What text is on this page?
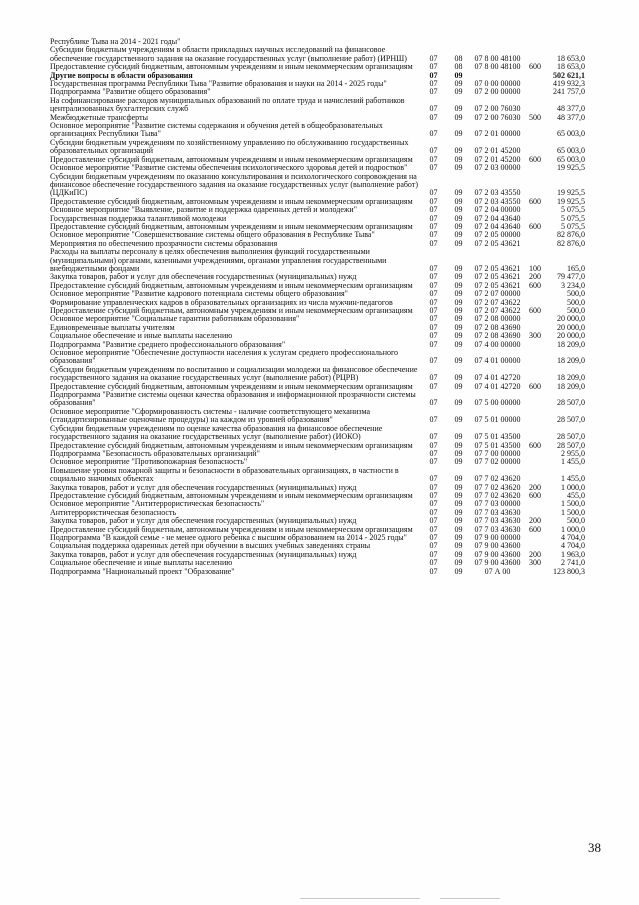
Республике Тыва на 2014 - 2021 годы"					
Субсидии бюджетным учреждениям в области прикладных научных исследований на финансовое обеспечение государственного задания на оказание государственных услуг (выполнение работ) (ИРНШ)	07	08	07 8 00 48100		18 653,0
Предоставление субсидий бюджетным, автономным учреждениям и иным некоммерческим организациям	07	08	07 8 00 48100	600	18 653,0
Другие вопросы в области образования	07	09			502 621,1
Государственная программа Республики Тыва "Развитие образования и науки на 2014 - 2025 годы"	07	09	07 0 00 00000		419 932,3
Подпрограмма "Развитие общего образования"	07	09	07 2 00 00000		241 757,0
На софинансирование расходов муниципальных образований по оплате труда и начислений работников централизованных бухгалтерских служб	07	09	07 2 00 76030		48 377,0
Межбюджетные трансферты	07	09	07 2 00 76030	500	48 377,0
Основное мероприятие "Развитие системы содержания и обучения детей в общеобразовательных организациях Республики Тыва"	07	09	07 2 01 00000		65 003,0
Субсидии бюджетным учреждениям по хозяйственному управлению по обслуживанию государственных образовательных организаций	07	09	07 2 01 45200		65 003,0
Предоставление субсидий бюджетным, автономным учреждениям и иным некоммерческим организациям	07	09	07 2 01 45200	600	65 003,0
Основное мероприятие "Развитие системы обеспечения психологического здоровья детей и подростков"	07	09	07 2 03 00000		19 925,5
Субсидии бюджетным учреждениям по оказанию консультирования и психологического сопровождения на финансовое обеспечение государственного задания на оказание государственных услуг (выполнение работ) (ЦДКиПС)	07	09	07 2 03 43550		19 925,5
Предоставление субсидий бюджетным, автономным учреждениям и иным некоммерческим организациям	07	09	07 2 03 43550	600	19 925,5
Основное мероприятие "Выявление, развитие и поддержка одаренных детей и молодежи"	07	09	07 2 04 00000		5 075,5
Государственная поддержка талантливой молодежи	07	09	07 2 04 43640		5 075,5
Предоставление субсидий бюджетным, автономным учреждениям и иным некоммерческим организациям	07	09	07 2 04 43640	600	5 075,5
Основное мероприятие "Совершенствование системы общего образования в Республике Тыва"	07	09	07 2 05 00000		82 876,0
Мероприятия по обеспечению прозрачности системы образования	07	09	07 2 05 43621		82 876,0
Расходы на выплаты персоналу в целях обеспечения выполнения функций государственными (муниципальными) органами, казенными учреждениями, органами управления государственными внебюджетными фондами	07	09	07 2 05 43621	100	165,0
Закупка товаров, работ и услуг для обеспечения государственных (муниципальных) нужд	07	09	07 2 05 43621	200	79 477,0
Предоставление субсидий бюджетным, автономным учреждениям и иным некоммерческим организациям	07	09	07 2 05 43621	600	3 234,0
Основное мероприятие "Развитие кадрового потенциала системы общего образования"	07	09	07 2 07 00000		500,0
Формирование управленческих кадров в образовательных организациях из числа мужчин-педагогов	07	09	07 2 07 43622		500,0
Предоставление субсидий бюджетным, автономным учреждениям и иным некоммерческим организациям	07	09	07 2 07 43622	600	500,0
Основное мероприятие "Социальные гарантии работникам образования"	07	09	07 2 08 00000		20 000,0
Единовременные выплаты учителям	07	09	07 2 08 43690		20 000,0
Социальное обеспечение и иные выплаты населению	07	09	07 2 08 43690	300	20 000,0
Подпрограмма "Развитие среднего профессионального образования"	07	09	07 4 00 00000		18 209,0
Основное мероприятие "Обеспечение доступности населения к услугам среднего профессионального образования"	07	09	07 4 01 00000		18 209,0
Субсидии бюджетным учреждениям по воспитанию и социализации молодежи на финансовое обеспечение государственного задания на оказание государственных услуг (выполнение работ) (РЦРВ)	07	09	07 4 01 42720		18 209,0
Предоставление субсидий бюджетным, автономным учреждениям и иным некоммерческим организациям	07	09	07 4 01 42720	600	18 209,0
Подпрограмма "Развитие системы оценки качества образования и информационной прозрачности системы образования"	07	09	07 5 00 00000		28 507,0
Основное мероприятие "Сформированность системы - наличие соответствующего механизма (стандартизированные оценочные процедуры) на каждом из уровней образования"	07	09	07 5 01 00000		28 507,0
Субсидии бюджетным учреждениям по оценке качества образования на финансовое обеспечение государственного задания на оказание государственных услуг (выполнение работ) (ИОКО)	07	09	07 5 01 43500		28 507,0
Предоставление субсидий бюджетным, автономным учреждениям и иным некоммерческим организациям	07	09	07 5 01 43500	600	28 507,0
Подпрограмма "Безопасность образовательных организаций"	07	09	07 7 00 00000		2 955,0
Основное мероприятие "Противопожарная безопасность"	07	09	07 7 02 00000		1 455,0
Повышение уровня пожарной защиты и безопасности в образовательных организациях, в частности в социально значимых объектах	07	09	07 7 02 43620		1 455,0
Закупка товаров, работ и услуг для обеспечения государственных (муниципальных) нужд	07	09	07 7 02 43620	200	1 000,0
Предоставление субсидий бюджетным, автономным учреждениям и иным некоммерческим организациям	07	09	07 7 02 43620	600	455,0
Основное мероприятие "Антитеррористическая безопасность"	07	09	07 7 03 00000		1 500,0
Антитеррористическая безопасность	07	09	07 7 03 43630		1 500,0
Закупка товаров, работ и услуг для обеспечения государственных (муниципальных) нужд	07	09	07 7 03 43630	200	500,0
Предоставление субсидий бюджетным, автономным учреждениям и иным некоммерческим организациям	07	09	07 7 03 43630	600	1 000,0
Подпрограмма "В каждой семье - не менее одного ребенка с высшим образованием на 2014 - 2025 годы"	07	09	07 9 00 00000		4 704,0
Социальная поддержка одаренных детей при обучении в высших учебных заведениях страны	07	09	07 9 00 43600		4 704,0
Закупка товаров, работ и услуг для обеспечения государственных (муниципальных) нужд	07	09	07 9 00 43600	200	1 963,0
Социальное обеспечение и иные выплаты населению	07	09	07 9 00 43600	300	2 741,0
Подпрограмма "Национальный проект "Образование"	07	09	07 А 00		123 800,3
38
